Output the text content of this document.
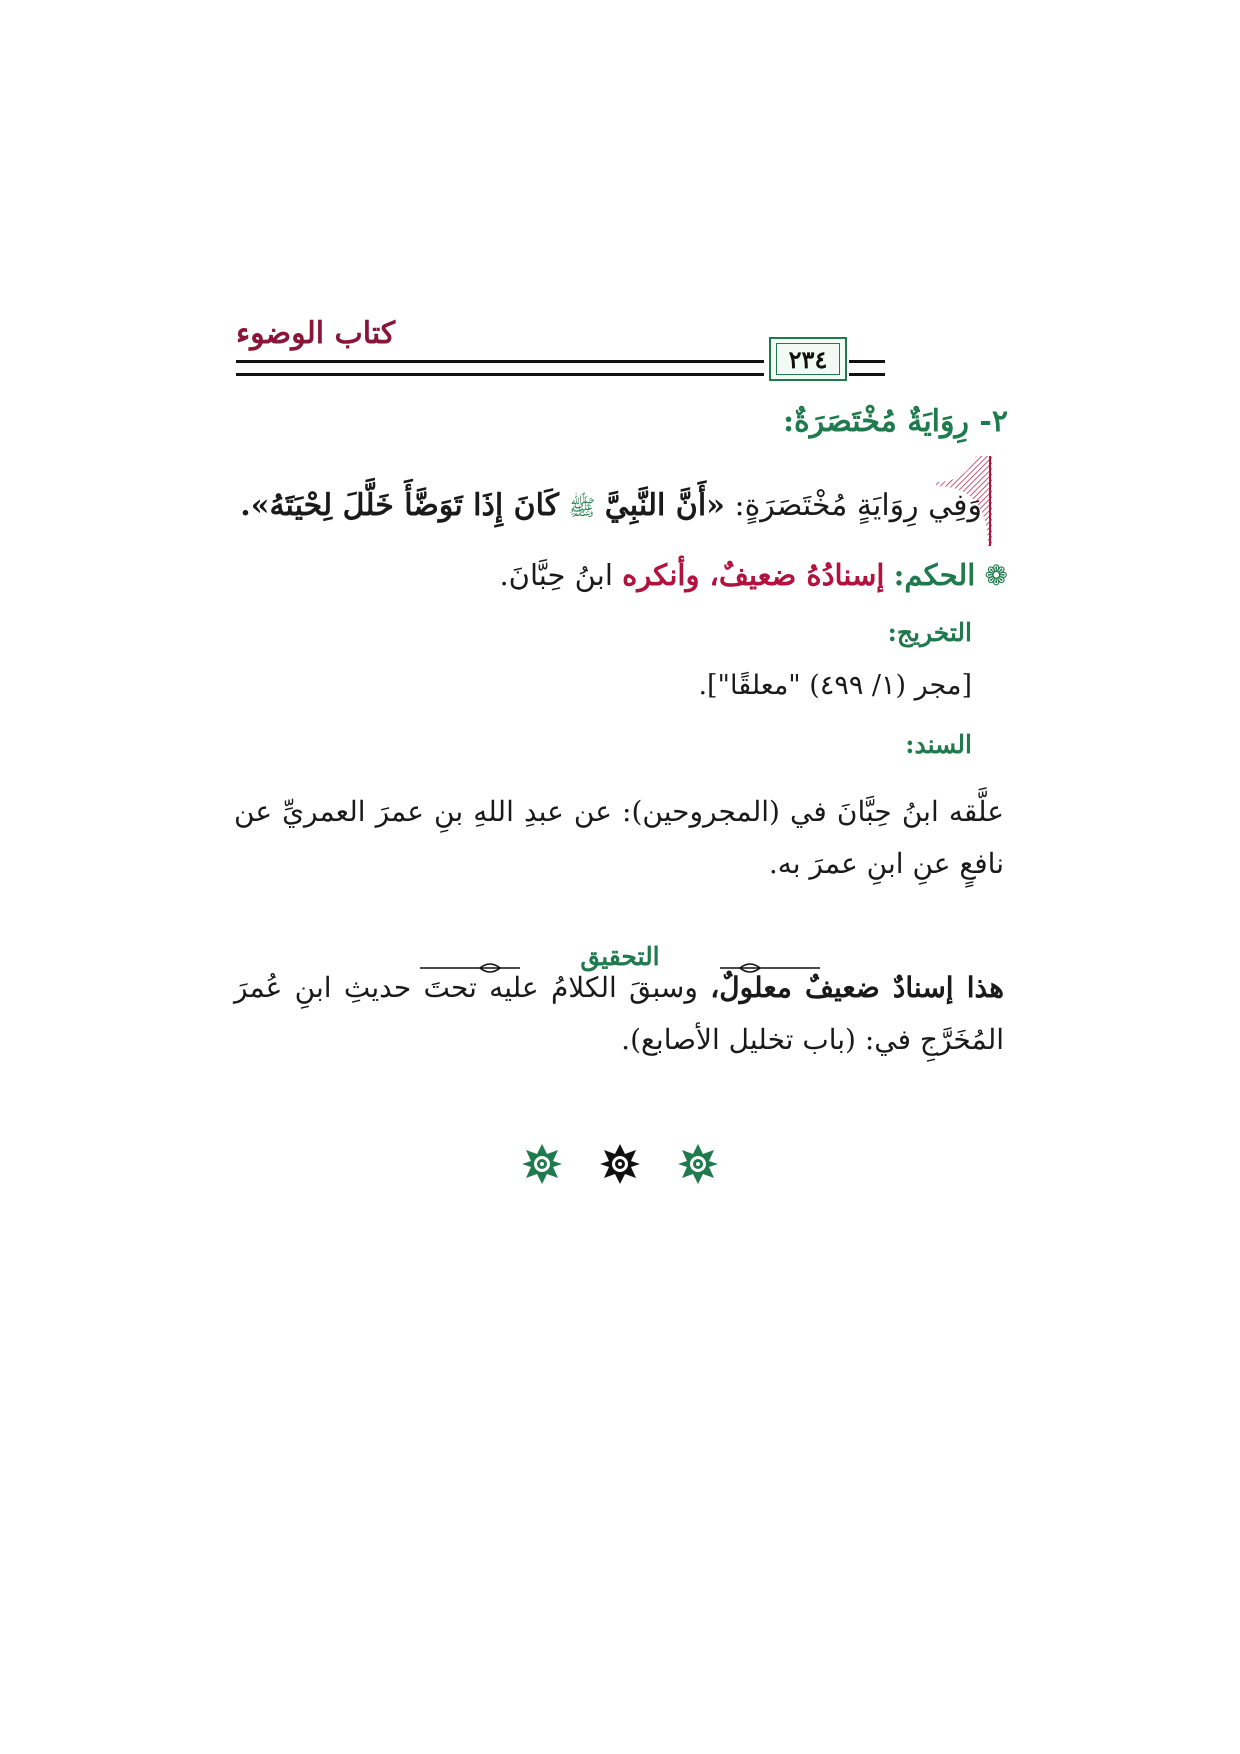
كتاب الوضوء
٢٣٤
٢- رِوَايَةٌ مُخْتَصَرَةٌ:
وَفِي رِوَايَةٍ مُخْتَصَرَةٍ: «أَنَّ النَّبِيَّ ﷺ كَانَ إِذَا تَوَضَّأَ خَلَّلَ لِحْيَتَهُ».
❁ الحكم: إسنادُهُ ضعيفٌ، وأنكره ابنُ حِبَّانَ.
التخريج:
[مجر (١/ ٤٩٩) "معلقًا"].
السند:
علَّقه ابنُ حِبَّانَ في (المجروحين): عن عبدِ اللهِ بنِ عمرَ العمريِّ عن نافعٍ عنِ ابنِ عمرَ به.
التحقيق
هذا إسنادٌ ضعيفٌ معلولٌ، وسبقَ الكلامُ عليه تحتَ حديثِ ابنِ عُمرَ المُخَرَّجِ في: (باب تخليل الأصابع).
